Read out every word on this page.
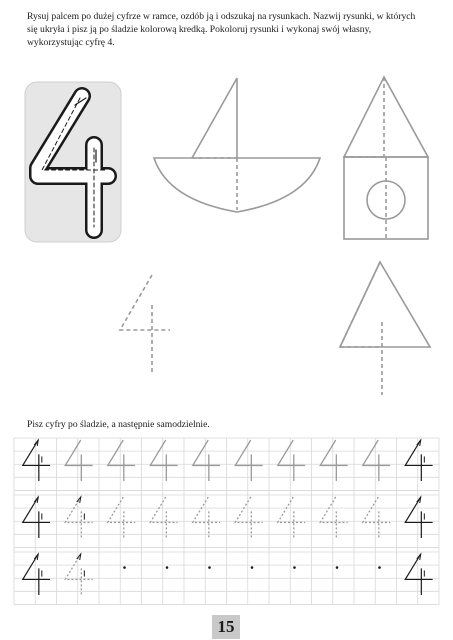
Rysuj palcem po dużej cyfrze w ramce, ozdób ją i odszukaj na rysunkach. Nazwij rysunki, w których się ukryła i pisz ją po śladzie kolorową kredką. Pokoloruj rysunki i wykonaj swój własny, wykorzystując cyfrę 4.

Pisz cyfry po śladzie, a następnie samodzielnie.

15
